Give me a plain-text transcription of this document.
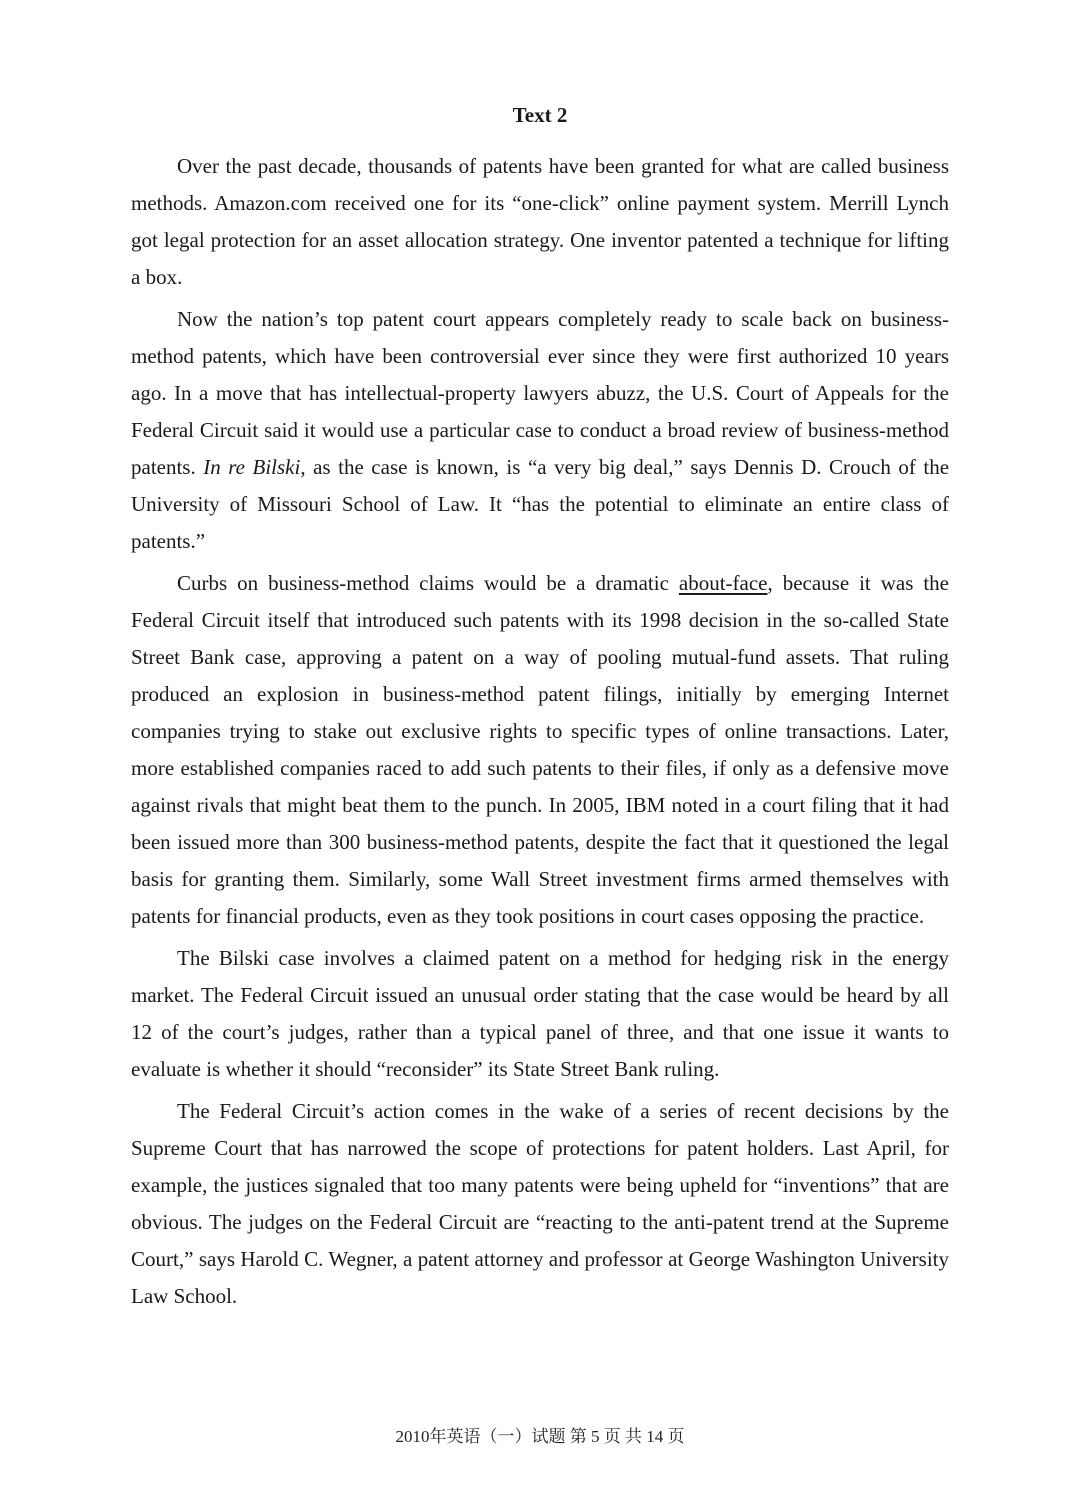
Text 2

Over the past decade, thousands of patents have been granted for what are called business methods. Amazon.com received one for its “one-click” online payment system. Merrill Lynch got legal protection for an asset allocation strategy. One inventor patented a technique for lifting a box.

Now the nation’s top patent court appears completely ready to scale back on business-method patents, which have been controversial ever since they were first authorized 10 years ago. In a move that has intellectual-property lawyers abuzz, the U.S. Court of Appeals for the Federal Circuit said it would use a particular case to conduct a broad review of business-method patents. In re Bilski, as the case is known, is “a very big deal,” says Dennis D. Crouch of the University of Missouri School of Law. It “has the potential to eliminate an entire class of patents.”

Curbs on business-method claims would be a dramatic about-face, because it was the Federal Circuit itself that introduced such patents with its 1998 decision in the so-called State Street Bank case, approving a patent on a way of pooling mutual-fund assets. That ruling produced an explosion in business-method patent filings, initially by emerging Internet companies trying to stake out exclusive rights to specific types of online transactions. Later, more established companies raced to add such patents to their files, if only as a defensive move against rivals that might beat them to the punch. In 2005, IBM noted in a court filing that it had been issued more than 300 business-method patents, despite the fact that it questioned the legal basis for granting them. Similarly, some Wall Street investment firms armed themselves with patents for financial products, even as they took positions in court cases opposing the practice.

The Bilski case involves a claimed patent on a method for hedging risk in the energy market. The Federal Circuit issued an unusual order stating that the case would be heard by all 12 of the court’s judges, rather than a typical panel of three, and that one issue it wants to evaluate is whether it should “reconsider” its State Street Bank ruling.

The Federal Circuit’s action comes in the wake of a series of recent decisions by the Supreme Court that has narrowed the scope of protections for patent holders. Last April, for example, the justices signaled that too many patents were being upheld for “inventions” that are obvious. The judges on the Federal Circuit are “reacting to the anti-patent trend at the Supreme Court,” says Harold C. Wegner, a patent attorney and professor at George Washington University Law School.

2010年英语（一）试题 第 5 页 共 14 页
